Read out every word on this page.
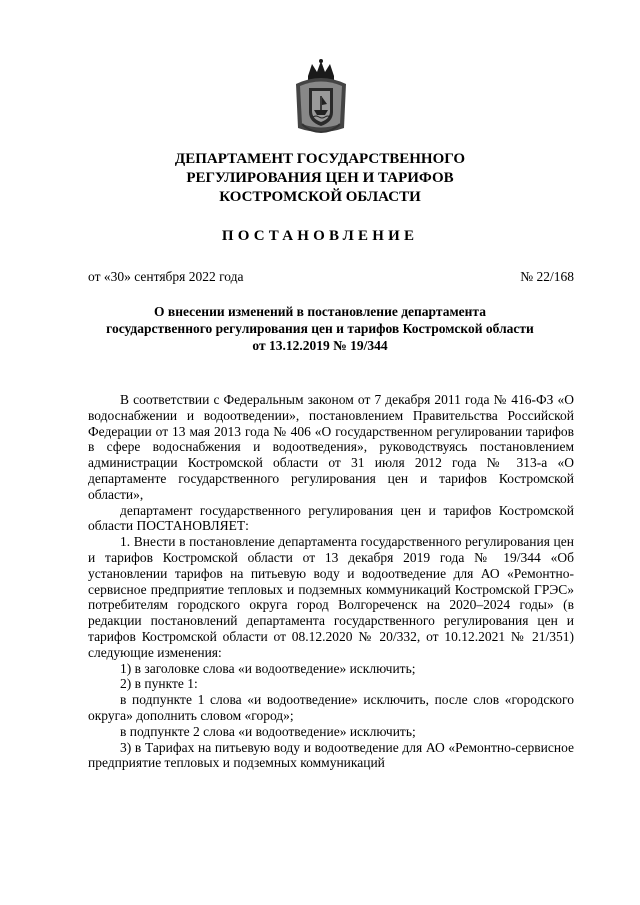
ДЕПАРТАМЕНТ ГОСУДАРСТВЕННОГО
РЕГУЛИРОВАНИЯ ЦЕН И ТАРИФОВ
КОСТРОМСКОЙ ОБЛАСТИ
ПОСТАНОВЛЕНИЕ
от «30» сентября 2022 года	№ 22/168
О внесении изменений в постановление департамента
государственного регулирования цен и тарифов Костромской области
от 13.12.2019 № 19/344

В соответствии с Федеральным законом от 7 декабря 2011 года № 416-ФЗ «О водоснабжении и водоотведении», постановлением Правительства Российской Федерации от 13 мая 2013 года № 406 «О государственном регулировании тарифов в сфере водоснабжения и водоотведения», руководствуясь постановлением администрации Костромской области от 31 июля 2012 года № 313-а «О департаменте государственного регулирования цен и тарифов Костромской области»,

департамент государственного регулирования цен и тарифов Костромской области ПОСТАНОВЛЯЕТ:

1. Внести в постановление департамента государственного регулирования цен и тарифов Костромской области от 13 декабря 2019 года № 19/344 «Об установлении тарифов на питьевую воду и водоотведение для АО «Ремонтно-сервисное предприятие тепловых и подземных коммуникаций Костромской ГРЭС» потребителям городского округа город Волгореченск на 2020–2024 годы» (в редакции постановлений департамента государственного регулирования цен и тарифов Костромской области от 08.12.2020 № 20/332, от 10.12.2021 № 21/351) следующие изменения:

1) в заголовке слова «и водоотведение» исключить;

2) в пункте 1:

в подпункте 1 слова «и водоотведение» исключить, после слов «городского округа» дополнить словом «город»;

в подпункте 2 слова «и водоотведение» исключить;

3) в Тарифах на питьевую воду и водоотведение для АО «Ремонтно-сервисное предприятие тепловых и подземных коммуникаций
